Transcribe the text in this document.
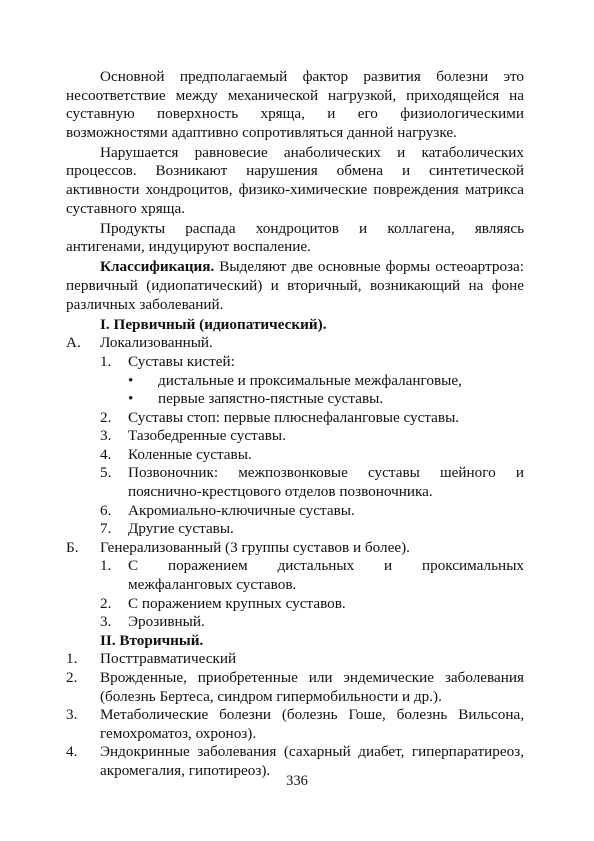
Основной предполагаемый фактор развития болезни это несоответствие между механической нагрузкой, приходящейся на суставную поверхность хряща, и его физиологическими возможностями адаптивно сопротивляться данной нагрузке.

Нарушается равновесие анаболических и катаболических процессов. Возникают нарушения обмена и синтетической активности хондроцитов, физико-химические повреждения матрикса суставного хряща.

Продукты распада хондроцитов и коллагена, являясь антигенами, индуцируют воспаление.

Классификация. Выделяют две основные формы остеоартроза: первичный (идиопатический) и вторичный, возникающий на фоне различных заболеваний.

I. Первичный (идиопатический).

А.	Локализованный.
1.	Суставы кистей:
•	дистальные и проксимальные межфаланговые,
•	первые запястно-пястные суставы.
2.	Суставы стоп: первые плюснефаланговые суставы.
3.	Тазобедренные суставы.
4.	Коленные суставы.
5.	Позвоночник: межпозвонковые суставы шейного и пояснично-крестцового отделов позвоночника.
6.	Акромиально-ключичные суставы.
7.	Другие суставы.
Б.	Генерализованный (3 группы суставов и более).
1.	С поражением дистальных и проксимальных межфаланговых суставов.
2.	С поражением крупных суставов.
3.	Эрозивный.

II. Вторичный.

1.	Посттравматический
2.	Врожденные, приобретенные или эндемические заболевания (болезнь Бертеса, синдром гипермобильности и др.).
3.	Метаболические болезни (болезнь Гоше, болезнь Вильсона, гемохроматоз, охроноз).
4.	Эндокринные заболевания (сахарный диабет, гиперпаратиреоз, акромегалия, гипотиреоз).
336
